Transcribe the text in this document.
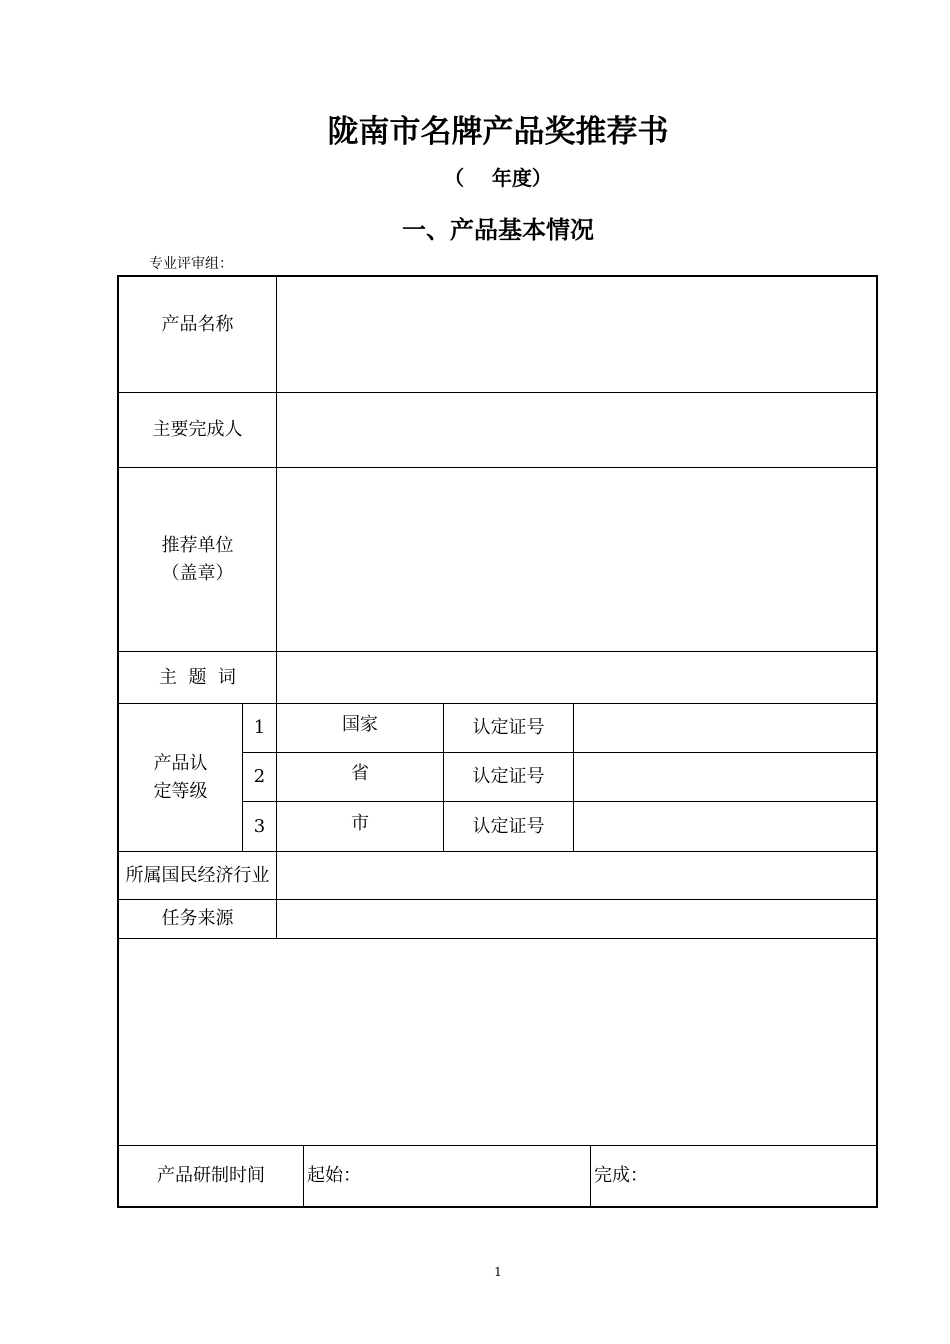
陇南市名牌产品奖推荐书
（    年度）
一、产品基本情况
专业评审组：
产品名称
主要完成人
推荐单位
（盖章）
主  题  词
产品认
定等级
1	国家	认定证号
2	省	认定证号
3	市	认定证号
所属国民经济行业
任务来源
产品研制时间	起始：	完成：
1
